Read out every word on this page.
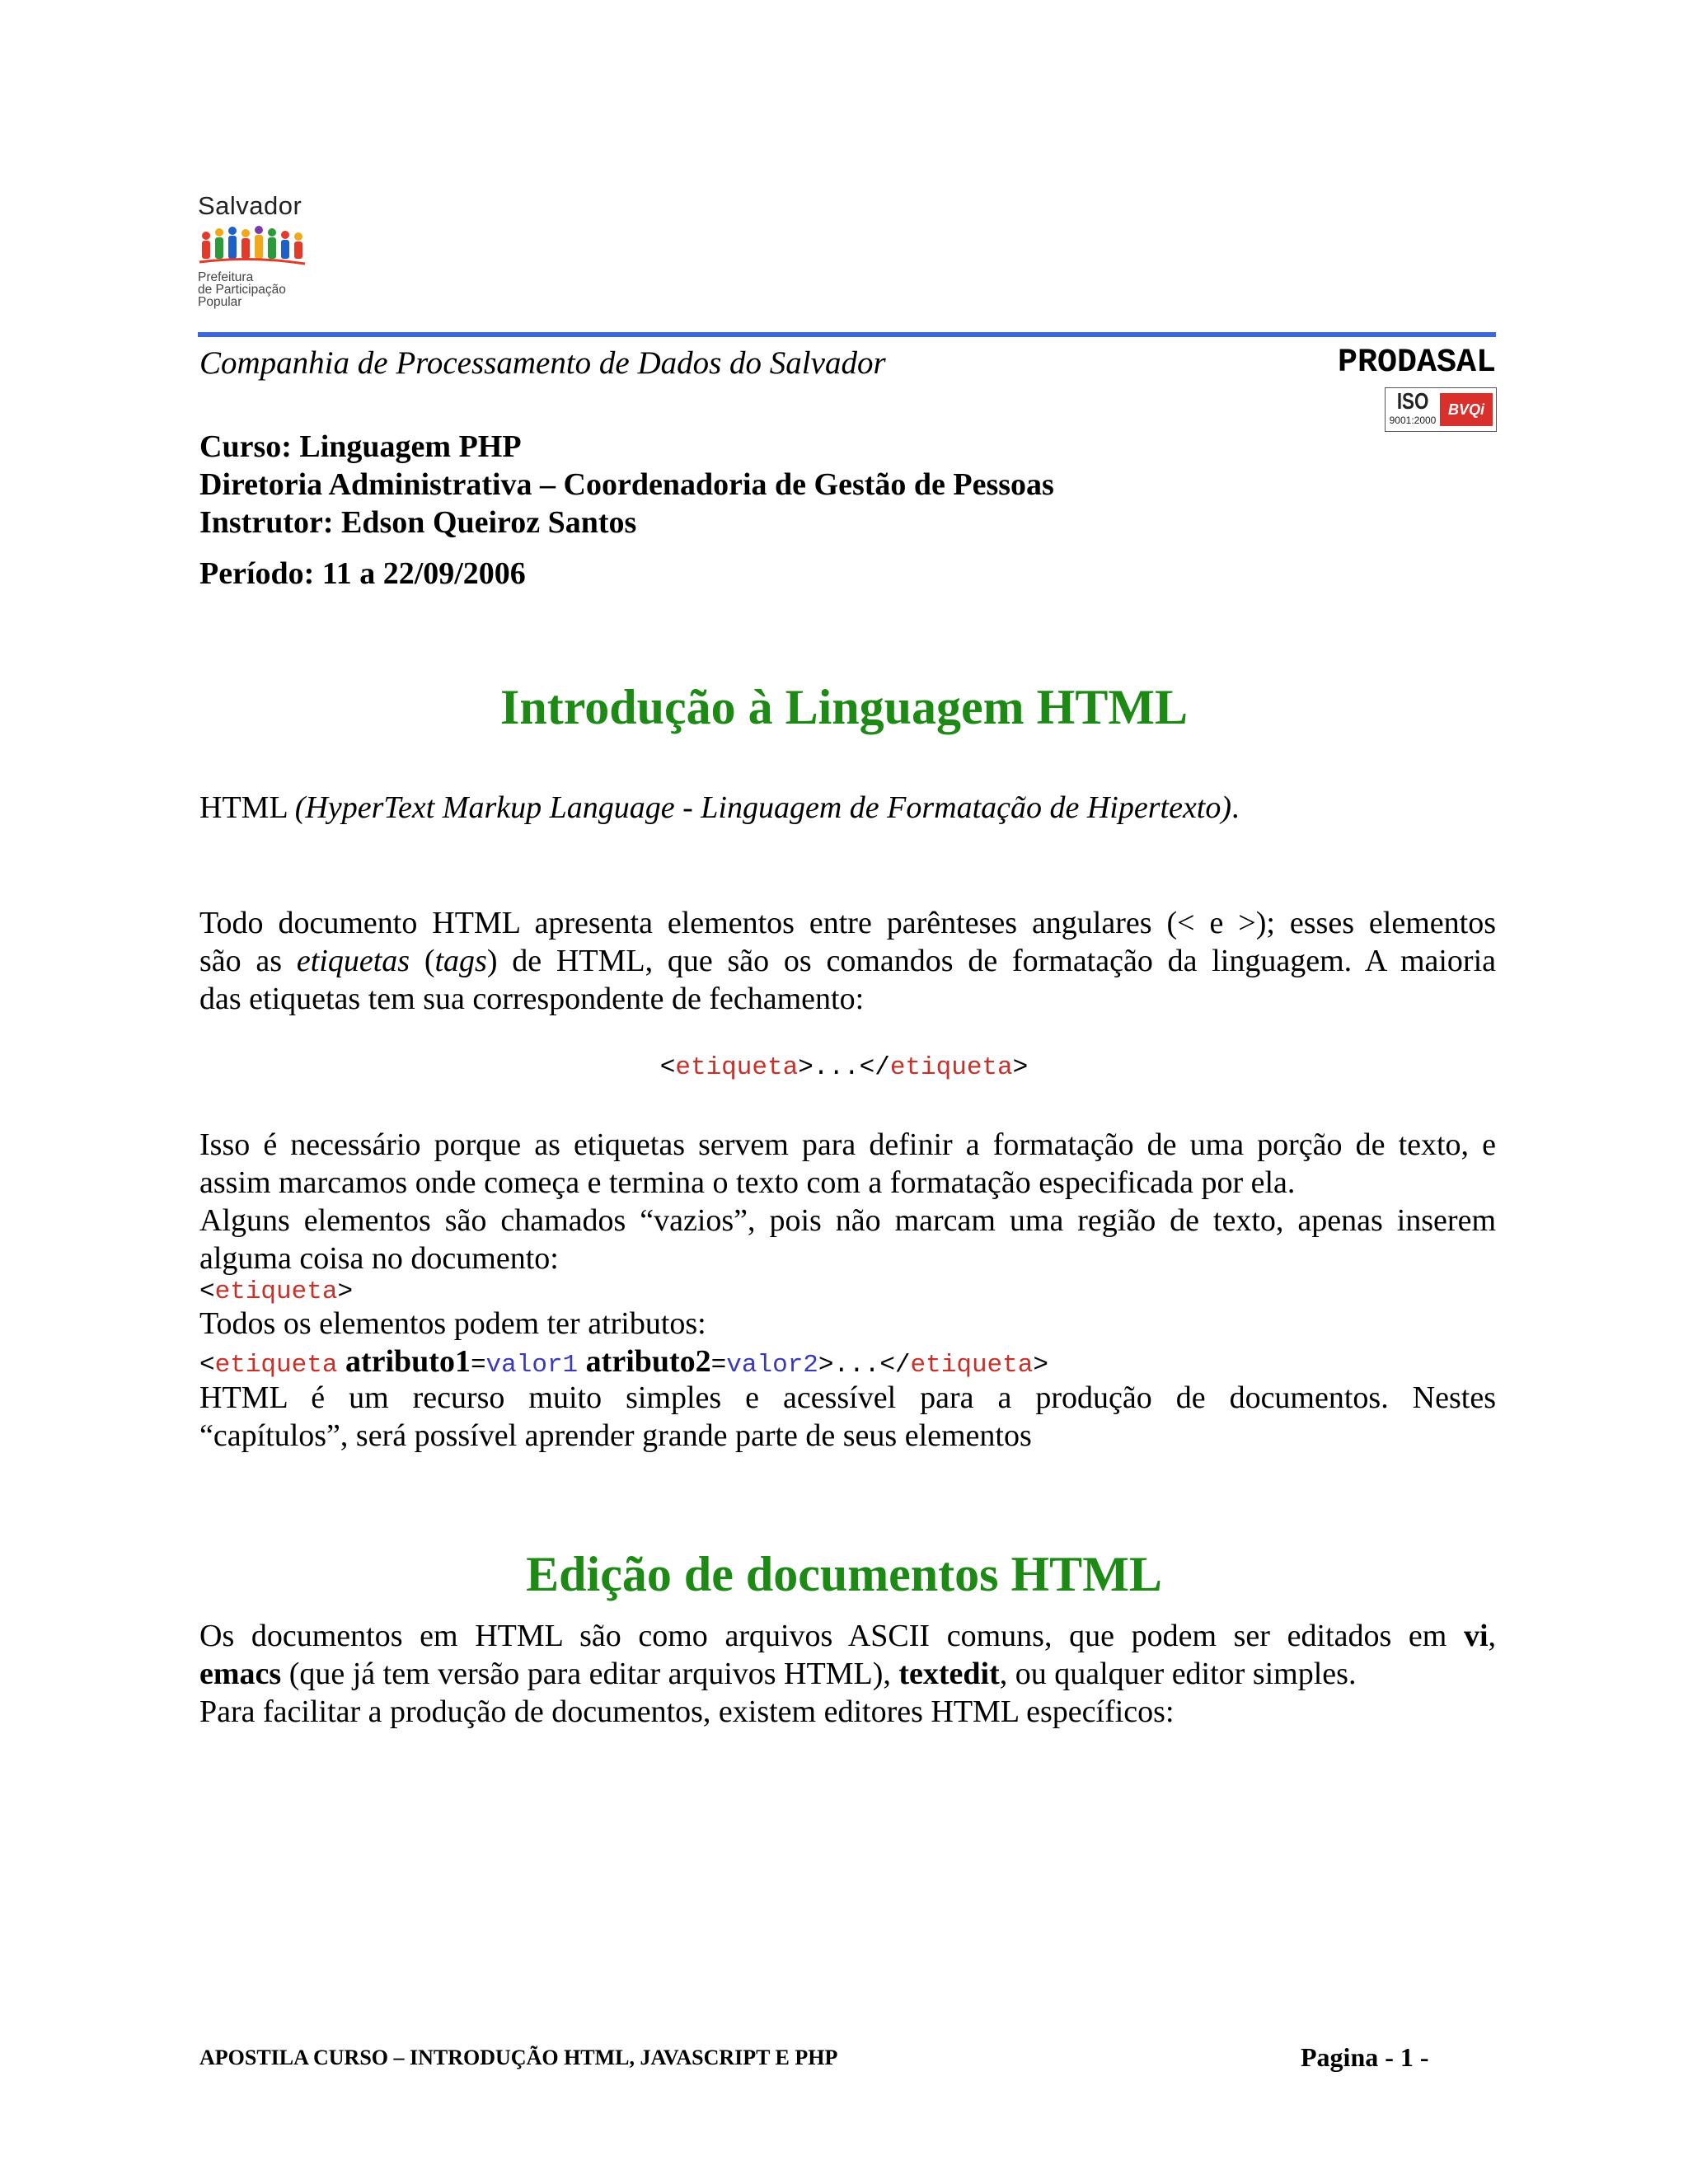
Salvador
Prefeitura
de Participação
Popular
Companhia de Processamento de Dados do Salvador	PRODASAL
ISO
9001:2000
BVQi
Curso: Linguagem PHP
Diretoria Administrativa – Coordenadoria de Gestão de Pessoas
Instrutor: Edson Queiroz Santos
Período: 11 a 22/09/2006
Introdução à Linguagem HTML
HTML (HyperText Markup Language - Linguagem de Formatação de Hipertexto).
Todo documento HTML apresenta elementos entre parênteses angulares (< e >); esses elementos
são as etiquetas (tags) de HTML, que são os comandos de formatação da linguagem. A maioria
das etiquetas tem sua correspondente de fechamento:
<etiqueta>...</etiqueta>
Isso é necessário porque as etiquetas servem para definir a formatação de uma porção de texto, e
assim marcamos onde começa e termina o texto com a formatação especificada por ela.
Alguns elementos são chamados “vazios”, pois não marcam uma região de texto, apenas inserem
alguma coisa no documento:
<etiqueta>
Todos os elementos podem ter atributos:
<etiqueta atributo1=valor1 atributo2=valor2>...</etiqueta>
HTML é um recurso muito simples e acessível para a produção de documentos. Nestes
“capítulos”, será possível aprender grande parte de seus elementos
Edição de documentos HTML
Os documentos em HTML são como arquivos ASCII comuns, que podem ser editados em vi,
emacs (que já tem versão para editar arquivos HTML), textedit, ou qualquer editor simples.
Para facilitar a produção de documentos, existem editores HTML específicos:
APOSTILA CURSO – INTRODUÇÃO HTML, JAVASCRIPT E PHP	Pagina - 1 -
